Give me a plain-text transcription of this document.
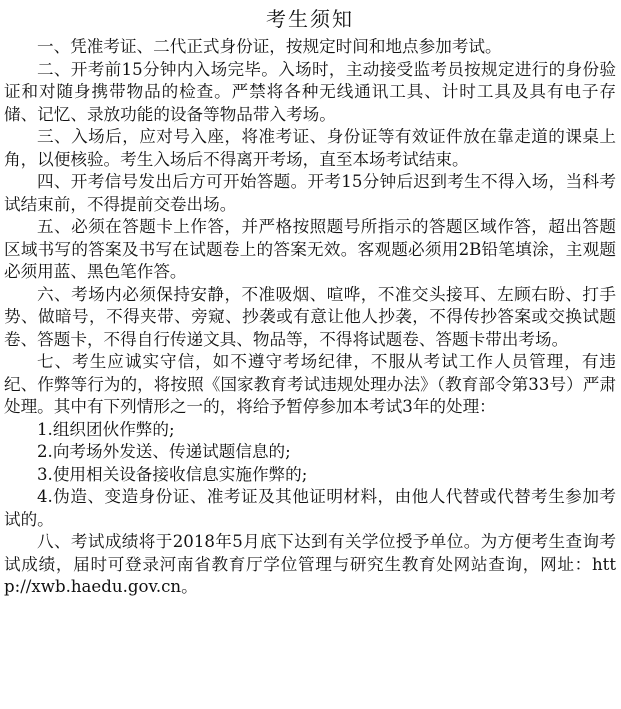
考生须知

一、凭准考证、二代正式身份证，按规定时间和地点参加考试。

二、开考前15分钟内入场完毕。入场时，主动接受监考员按规定进行的身份验证和对随身携带物品的检查。严禁将各种无线通讯工具、计时工具及具有电子存储、记忆、录放功能的设备等物品带入考场。

三、入场后，应对号入座，将准考证、身份证等有效证件放在靠走道的课桌上角，以便核验。考生入场后不得离开考场，直至本场考试结束。

四、开考信号发出后方可开始答题。开考15分钟后迟到考生不得入场，当科考试结束前，不得提前交卷出场。

五、必须在答题卡上作答，并严格按照题号所指示的答题区域作答，超出答题区域书写的答案及书写在试题卷上的答案无效。客观题必须用2B铅笔填涂，主观题必须用蓝、黑色笔作答。

六、考场内必须保持安静，不准吸烟、喧哗，不准交头接耳、左顾右盼、打手势、做暗号，不得夹带、旁窥、抄袭或有意让他人抄袭，不得传抄答案或交换试题卷、答题卡，不得自行传递文具、物品等，不得将试题卷、答题卡带出考场。

七、考生应诚实守信，如不遵守考场纪律，不服从考试工作人员管理，有违纪、作弊等行为的，将按照《国家教育考试违规处理办法》（教育部令第33号）严肃处理。其中有下列情形之一的，将给予暂停参加本考试3年的处理：

1.组织团伙作弊的;

2.向考场外发送、传递试题信息的;

3.使用相关设备接收信息实施作弊的;

4.伪造、变造身份证、准考证及其他证明材料，由他人代替或代替考生参加考试的。

八、考试成绩将于2018年5月底下达到有关学位授予单位。为方便考生查询考试成绩，届时可登录河南省教育厅学位管理与研究生教育处网站查询，网址：http://xwb.haedu.gov.cn。
